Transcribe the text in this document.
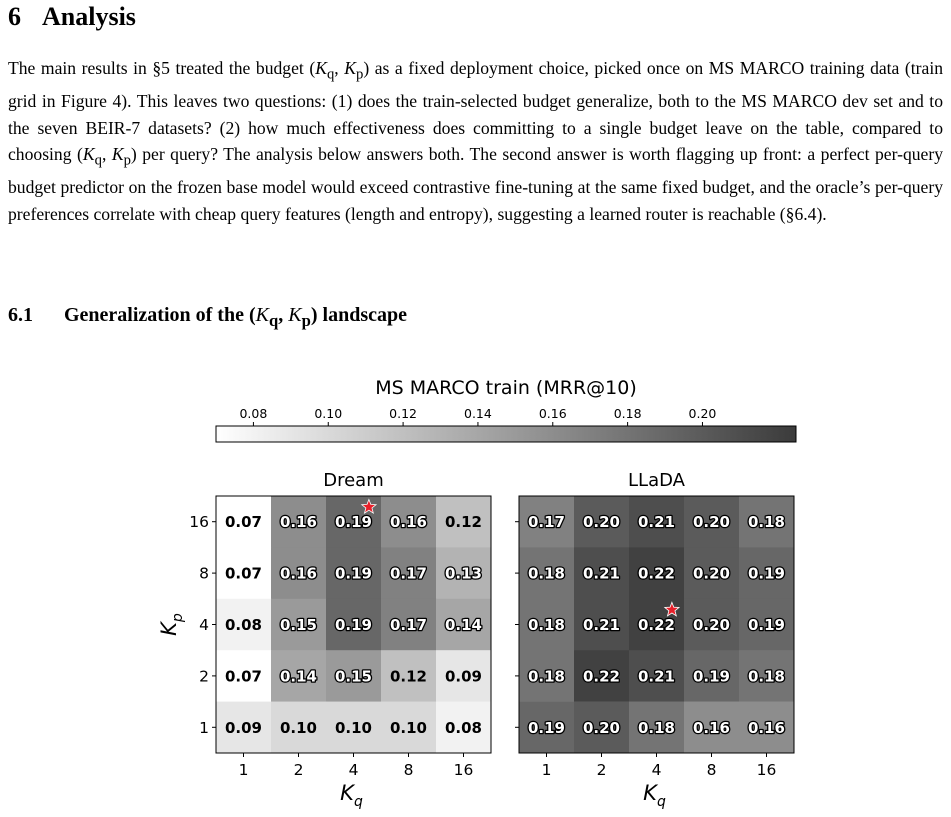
6 Analysis

The main results in §5 treated the budget ($K_q$, $K_p$) as a fixed deployment choice, picked once on MS MARCO training data (train grid in Figure 4). This leaves two questions: (1) does the train-selected budget generalize, both to the MS MARCO dev set and to the seven BEIR-7 datasets? (2) how much effectiveness does committing to a single budget leave on the table, compared to choosing ($K_q$, $K_p$) per query? The analysis below answers both. The second answer is worth flagging up front: a perfect per-query budget predictor on the frozen base model would exceed contrastive fine-tuning at the same fixed budget, and the oracle’s per-query preferences correlate with cheap query features (length and entropy), suggesting a learned router is reachable (§6.4).

6.1 Generalization of the ($K_q$, $K_p$) landscape
MS MARCO train (MRR@10)
0.08	0.10	0.12	0.14	0.16	0.18	0.20
Dream
0.07 0.16 0.19 0.16 0.12
0.07 0.16 0.19 0.17 0.13
0.08 0.15 0.19 0.17 0.14
0.07 0.14 0.15 0.12 0.09
0.09 0.10 0.10 0.10 0.08
16
8
4
2
1
1	2	4	8	16
$K_q$
LLaDA
0.17 0.20 0.21 0.20 0.18
0.18 0.21 0.22 0.20 0.19
0.18 0.21 0.22 0.20 0.19
0.18 0.22 0.21 0.19 0.18
0.19 0.20 0.18 0.16 0.16
1	2	4	8	16
$K_q$
$K_p$
